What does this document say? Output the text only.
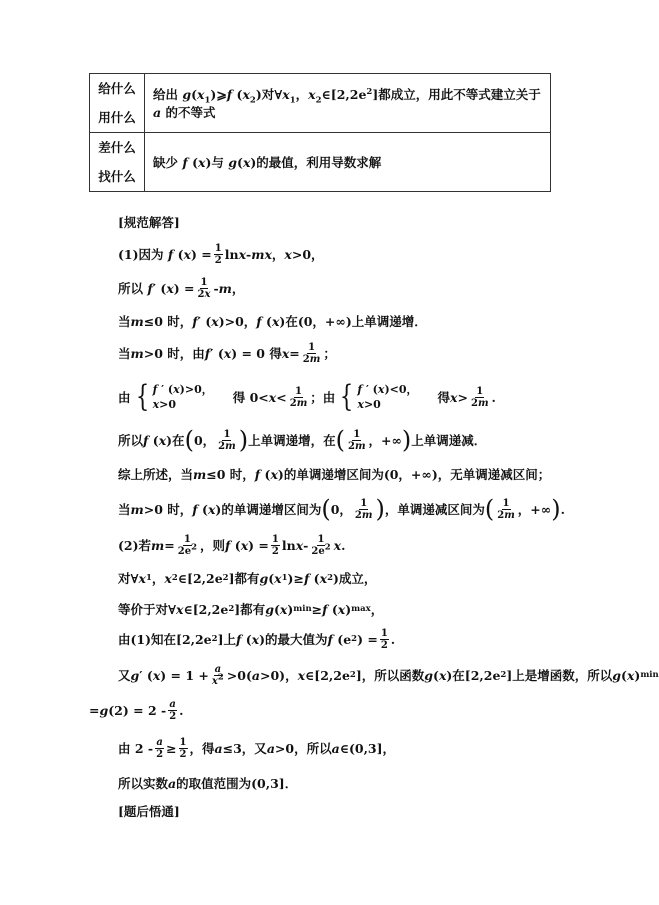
给什么
用什么	给出 $g(x_1)⩾f$ $(x_2)$对$\forall x_1$，$x_2\in[2,2e^2]$都成立，用此不等式建立关于 a 的不等式

差什么
找什么	缺少 f (x)与 g(x)的最值，利用导数求解
[规范解答]
(1)因为 f ( x ) = $\frac{1}{2}$ ln x - mx ， x >0，
所以 f ′ ( x ) = $\frac{1}{2x}$ - m ，
当 m ≤0 时， f ′ ( x )>0， f ( x )在(0，+∞)上单调递增．
当 m >0 时，由 f ′ ( x ) = 0 得 $x = \frac{1}{2m}$ ；
由 { f ′ (x)>0，
x>0	得 $0< x < \frac{1}{2m}$ ；由 { f ′ (x)<0，
x>0	得 $x > \frac{1}{2m}$ .
所以 f ( x )在 ( 0， $\frac{1}{2m}$ ) 上单调递增，在 ( $\frac{1}{2m}$ ，+∞ ) 上单调递减．
综上所述，当 m ≤0 时， f ( x )的单调递增区间为(0，+∞)，无单调递减区间；
当 m >0 时， f ( x )的单调递增区间为 ( 0， $\frac{1}{2m}$ ) ，单调递减区间为 ( $\frac{1}{2m}$ ，+∞ ) .
(2)若 $m = \frac{1}{2e^2}$ ，则 f ( x ) = $\frac{1}{2}$ ln x - $\frac{1}{2e^2}$ x .
对∀ x 1 ， x 2 ∈[2,2e 2 ]都有 g ( x 1 )≥ f ( x 2 )成立，
等价于对∀ x ∈[2,2e 2 ]都有 g ( x ) min ≥ f ( x ) max ，
由(1)知在[2,2e 2 ]上 f ( x )的最大值为 f (e 2 ) = $\frac{1}{2}$ .
又 g ′ ( x ) = $1 + \frac{a}{x^2} >0$( a >0)， x ∈[2,2e 2 ]，所以函数 g ( x )在[2,2e 2 ]上是增函数，所以 g ( x ) min
= g $(2) = 2 - \frac{a}{2}$ .
由 $2 - \frac{a}{2} \ge \frac{1}{2}$ ，得 a ≤3，又 a >0，所以 a ∈(0,3]，
所以实数 a 的取值范围为(0,3]．
[题后悟通]
